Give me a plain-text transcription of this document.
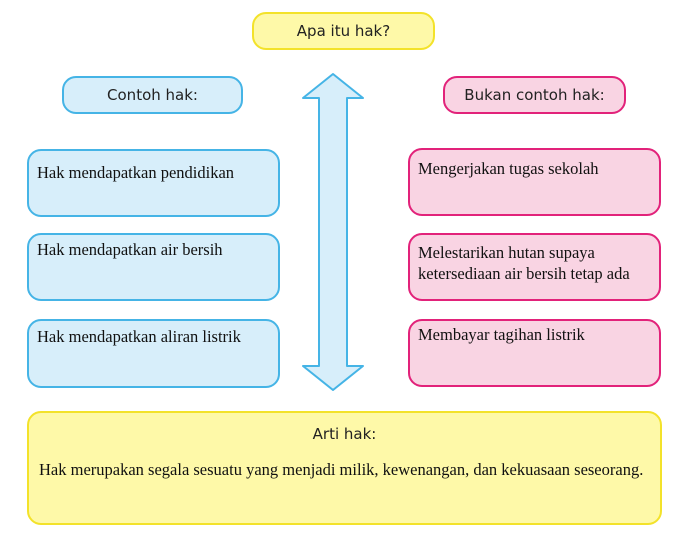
Apa itu hak?
Contoh hak:	Bukan contoh hak:
Hak mendapatkan pendidikan
Hak mendapatkan air bersih
Hak mendapatkan aliran listrik
Mengerjakan tugas sekolah
Melestarikan hutan supaya ketersediaan air bersih tetap ada
Membayar tagihan listrik
Arti hak:
Hak merupakan segala sesuatu yang menjadi milik, kewenangan, dan kekuasaan seseorang.
